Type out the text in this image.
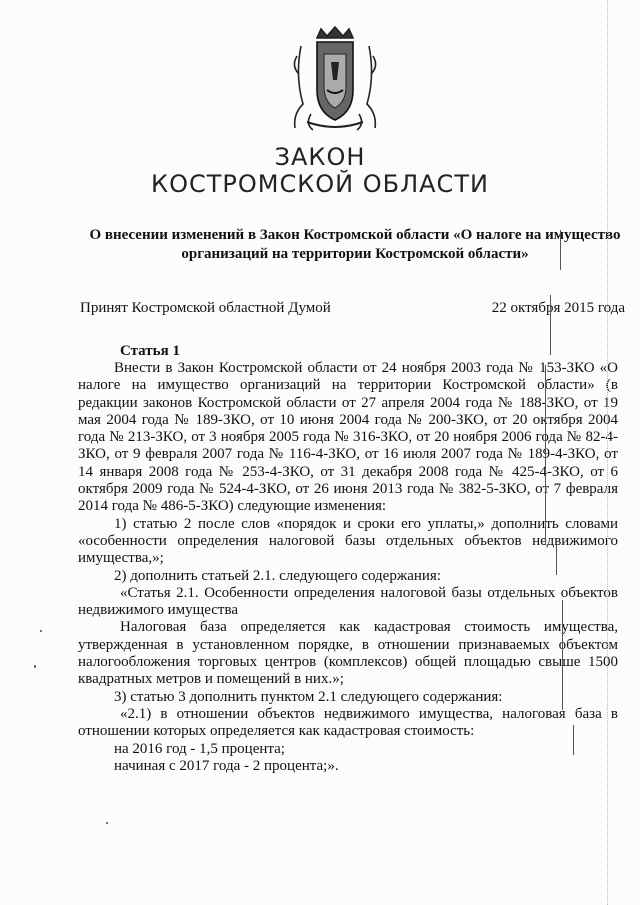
ЗАКОН
КОСТРОМСКОЙ ОБЛАСТИ
О внесении изменений в Закон Костромской области «О налоге на имущество организаций на территории Костромской области»
Принят Костромской областной Думой	22 октября 2015 года
Статья 1

Внести в Закон Костромской области от 24 ноября 2003 года № 153-ЗКО «О налоге на имущество организаций на территории Костромской области» (в редакции законов Костромской области от 27 апреля 2004 года № 188-ЗКО, от 19 мая 2004 года № 189-ЗКО, от 10 июня 2004 года № 200-ЗКО, от 20 октября 2004 года № 213-ЗКО, от 3 ноября 2005 года № 316-ЗКО, от 20 ноября 2006 года № 82-4-ЗКО, от 9 февраля 2007 года № 116-4-ЗКО, от 16 июля 2007 года № 189-4-ЗКО, от 14 января 2008 года № 253-4-ЗКО, от 31 декабря 2008 года № 425-4-ЗКО, от 6 октября 2009 года № 524-4-ЗКО, от 26 июня 2013 года № 382-5-ЗКО, от 7 февраля 2014 года № 486-5-ЗКО) следующие изменения:

1) статью 2 после слов «порядок и сроки его уплаты,» дополнить словами «особенности определения налоговой базы отдельных объектов недвижимого имущества,»;

2) дополнить статьей 2.1. следующего содержания:

«Статья 2.1. Особенности определения налоговой базы отдельных объектов недвижимого имущества

Налоговая база определяется как кадастровая стоимость имущества, утвержденная в установленном порядке, в отношении признаваемых объектом налогообложения торговых центров (комплексов) общей площадью свыше 1500 квадратных метров и помещений в них.»;

3) статью 3 дополнить пунктом 2.1 следующего содержания:

«2.1) в отношении объектов недвижимого имущества, налоговая база в отношении которых определяется как кадастровая стоимость:

на 2016 год - 1,5 процента;

начиная с 2017 года - 2 процента;».
